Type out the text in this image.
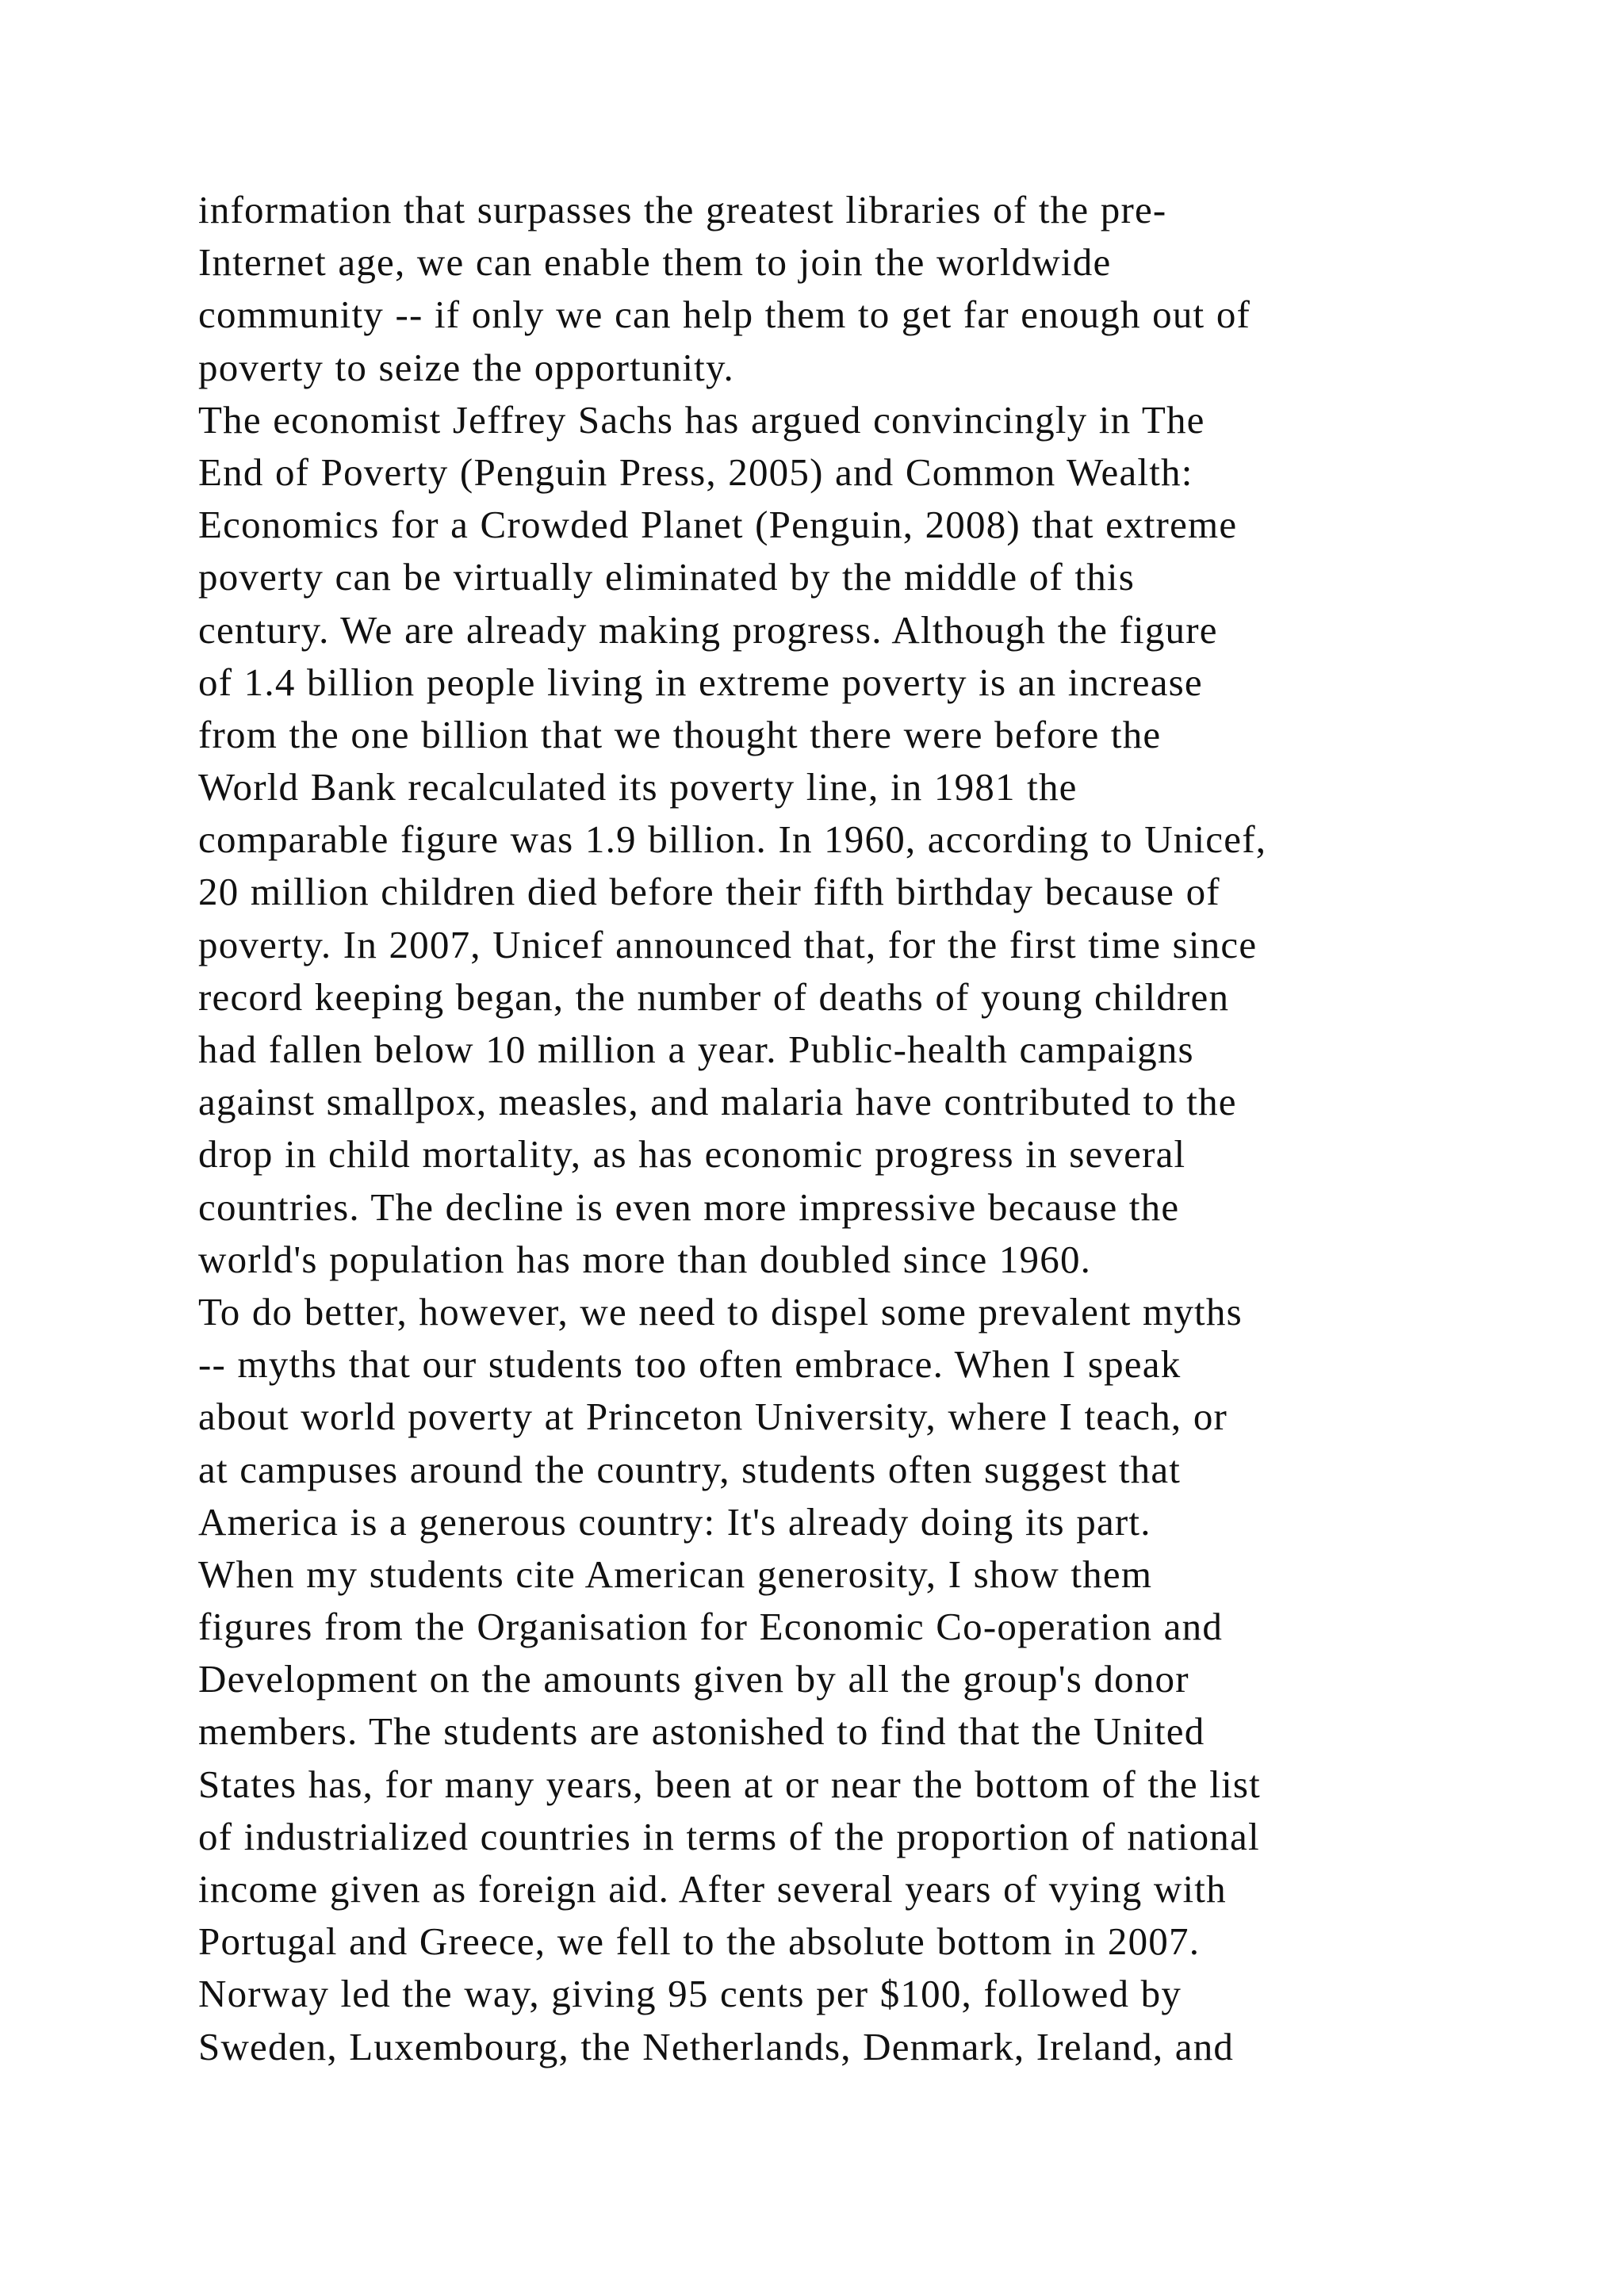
information that surpasses the greatest libraries of the pre-
Internet age, we can enable them to join the worldwide
community -- if only we can help them to get far enough out of
poverty to seize the opportunity.
The economist Jeffrey Sachs has argued convincingly in The
End of Poverty (Penguin Press, 2005) and Common Wealth:
Economics for a Crowded Planet (Penguin, 2008) that extreme
poverty can be virtually eliminated by the middle of this
century. We are already making progress. Although the figure
of 1.4 billion people living in extreme poverty is an increase
from the one billion that we thought there were before the
World Bank recalculated its poverty line, in 1981 the
comparable figure was 1.9 billion. In 1960, according to Unicef,
20 million children died before their fifth birthday because of
poverty. In 2007, Unicef announced that, for the first time since
record keeping began, the number of deaths of young children
had fallen below 10 million a year. Public-health campaigns
against smallpox, measles, and malaria have contributed to the
drop in child mortality, as has economic progress in several
countries. The decline is even more impressive because the
world's population has more than doubled since 1960.
To do better, however, we need to dispel some prevalent myths
-- myths that our students too often embrace. When I speak
about world poverty at Princeton University, where I teach, or
at campuses around the country, students often suggest that
America is a generous country: It's already doing its part.
When my students cite American generosity, I show them
figures from the Organisation for Economic Co-operation and
Development on the amounts given by all the group's donor
members. The students are astonished to find that the United
States has, for many years, been at or near the bottom of the list
of industrialized countries in terms of the proportion of national
income given as foreign aid. After several years of vying with
Portugal and Greece, we fell to the absolute bottom in 2007.
Norway led the way, giving 95 cents per $100, followed by
Sweden, Luxembourg, the Netherlands, Denmark, Ireland, and
